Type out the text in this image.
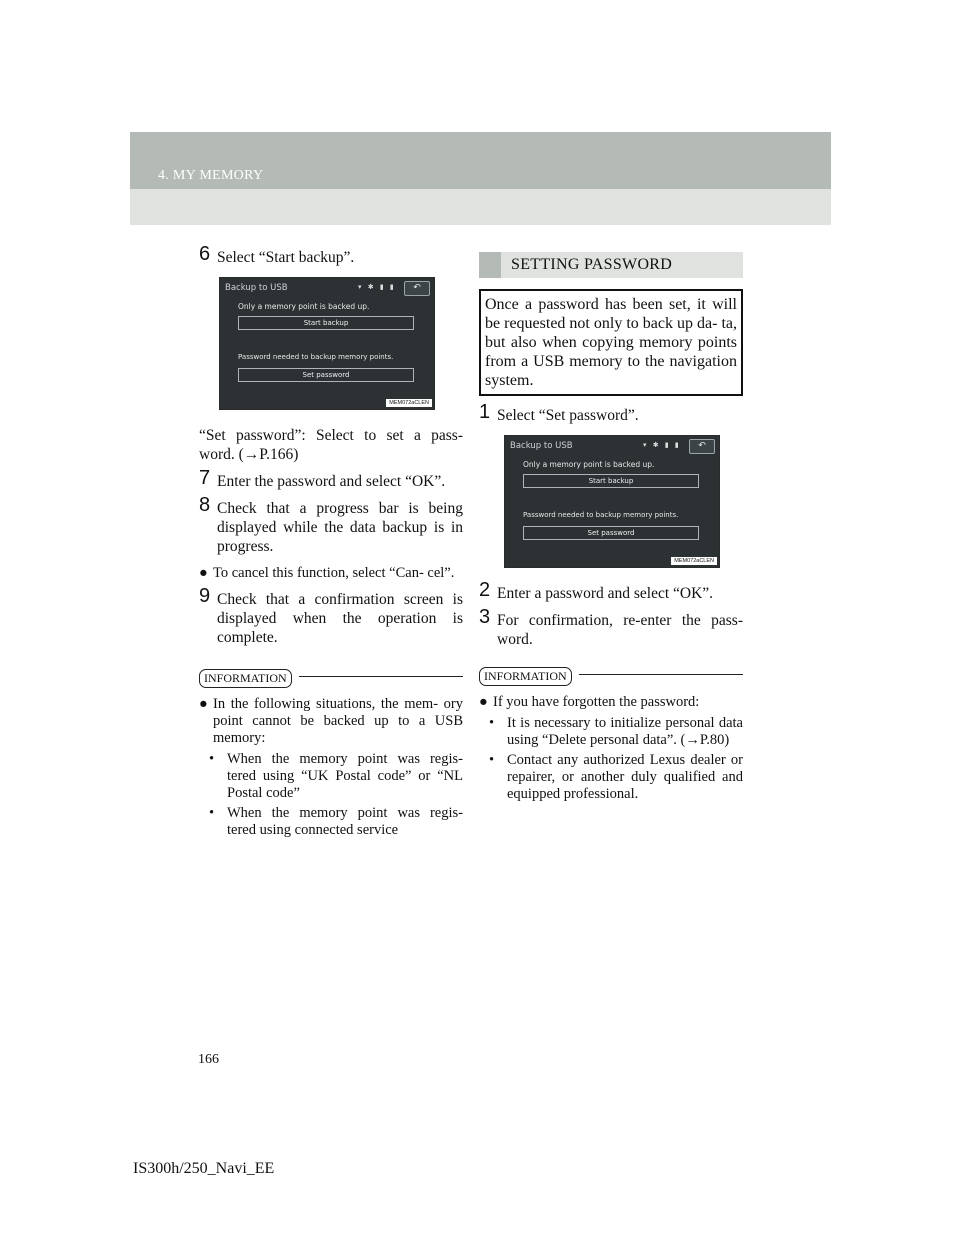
4. MY MEMORY
6 Select “Start backup”.
Backup to USB	▾ ✱ ▮ ▮	↶
Only a memory point is backed up.
Start backup
Password needed to backup memory points.
Set password
MEM072aCLEN
“Set password”: Select to set a pass- word. (→P.166)
7 Enter the password and select “OK”.
8 Check that a progress bar is being displayed while the data backup is in progress.
● To cancel this function, select “Can- cel”.
9 Check that a confirmation screen is displayed when the operation is complete.
INFORMATION
● In the following situations, the mem- ory point cannot be backed up to a USB memory:
• When the memory point was regis- tered using “UK Postal code” or “NL Postal code”
• When the memory point was regis- tered using connected service
SETTING PASSWORD
Once a password has been set, it will be requested not only to back up da- ta, but also when copying memory points from a USB memory to the navigation system.
1 Select “Set password”.
Backup to USB	▾ ✱ ▮ ▮	↶
Only a memory point is backed up.
Start backup
Password needed to backup memory points.
Set password
MEM072aCLEN
2 Enter a password and select “OK”.
3 For confirmation, re-enter the pass- word.
INFORMATION
● If you have forgotten the password:
• It is necessary to initialize personal data using “Delete personal data”. (→P.80)
• Contact any authorized Lexus dealer or repairer, or another duly qualified and equipped professional.
166
IS300h/250_Navi_EE
